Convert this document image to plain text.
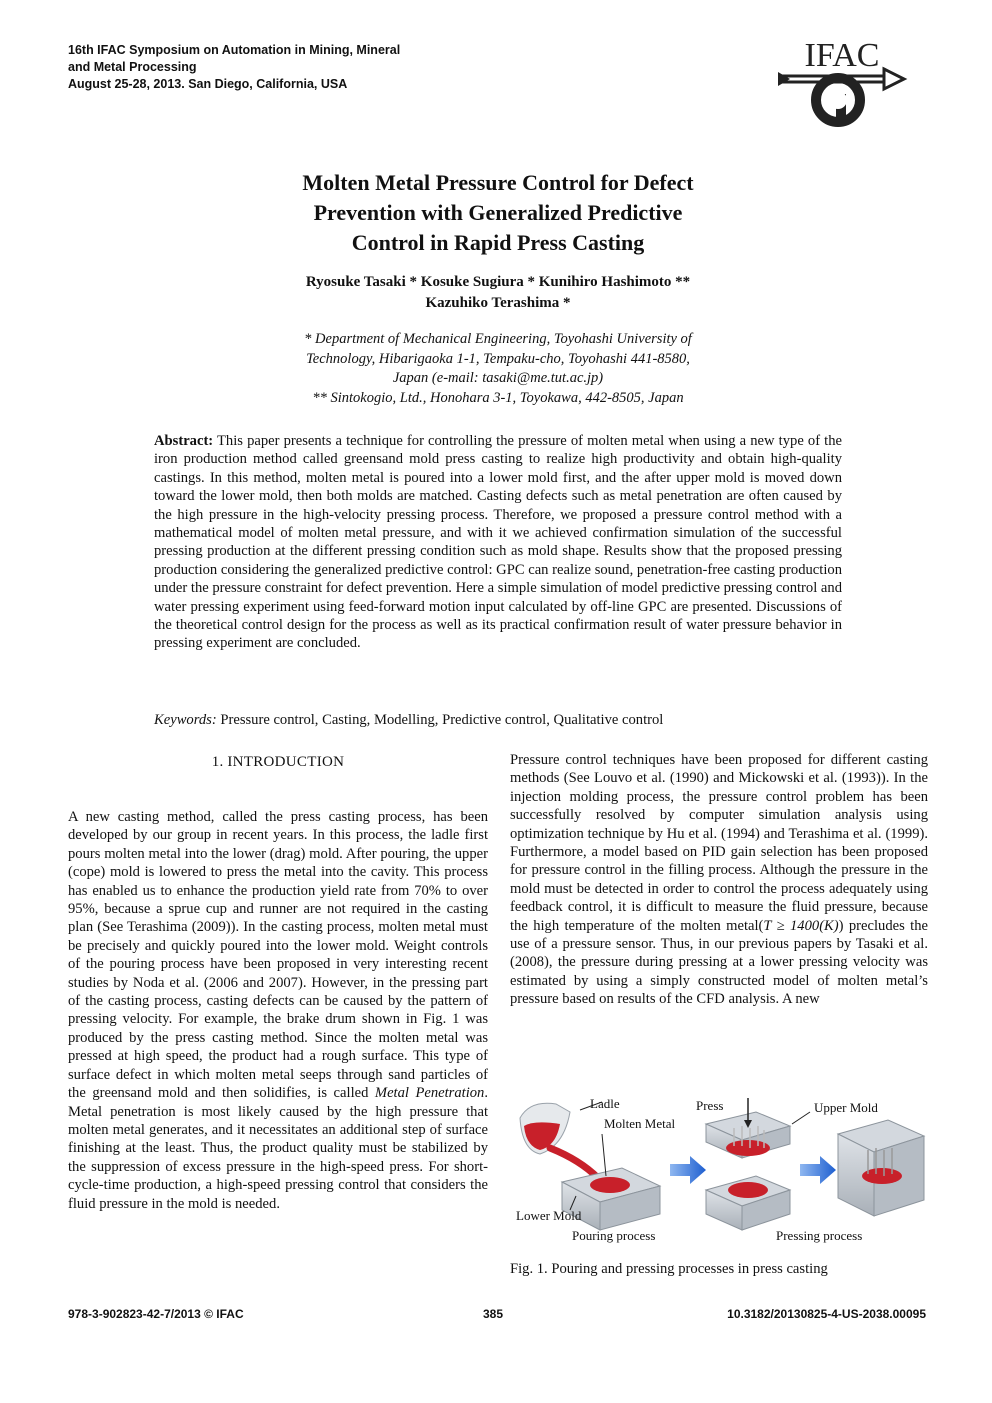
16th IFAC Symposium on Automation in Mining, Mineral
and Metal Processing
August 25-28, 2013. San Diego, California, USA
IFAC
Molten Metal Pressure Control for Defect
Prevention with Generalized Predictive
Control in Rapid Press Casting
Ryosuke Tasaki * Kosuke Sugiura * Kunihiro Hashimoto **
Kazuhiko Terashima *
* Department of Mechanical Engineering, Toyohashi University of
Technology, Hibarigaoka 1-1, Tempaku-cho, Toyohashi 441-8580,
Japan (e-mail: tasaki@me.tut.ac.jp)
** Sintokogio, Ltd., Honohara 3-1, Toyokawa, 442-8505, Japan
Abstract: This paper presents a technique for controlling the pressure of molten metal when using a new type of the iron production method called greensand mold press casting to realize high productivity and obtain high-quality castings. In this method, molten metal is poured into a lower mold first, and the after upper mold is moved down toward the lower mold, then both molds are matched. Casting defects such as metal penetration are often caused by the high pressure in the high-velocity pressing process. Therefore, we proposed a pressure control method with a mathematical model of molten metal pressure, and with it we achieved confirmation simulation of the successful pressing production at the different pressing condition such as mold shape. Results show that the proposed pressing production considering the generalized predictive control: GPC can realize sound, penetration-free casting production under the pressure constraint for defect prevention. Here a simple simulation of model predictive pressing control and water pressing experiment using feed-forward motion input calculated by off-line GPC are presented. Discussions of the theoretical control design for the process as well as its practical confirmation result of water pressure behavior in pressing experiment are concluded.
Keywords: Pressure control, Casting, Modelling, Predictive control, Qualitative control
1. INTRODUCTION
A new casting method, called the press casting process, has been developed by our group in recent years. In this process, the ladle first pours molten metal into the lower (drag) mold. After pouring, the upper (cope) mold is lowered to press the metal into the cavity. This process has enabled us to enhance the production yield rate from 70% to over 95%, because a sprue cup and runner are not required in the casting plan (See Terashima (2009)). In the casting process, molten metal must be precisely and quickly poured into the lower mold. Weight controls of the pouring process have been proposed in very interesting recent studies by Noda et al. (2006 and 2007). However, in the pressing part of the casting process, casting defects can be caused by the pattern of pressing velocity. For example, the brake drum shown in Fig. 1 was produced by the press casting method. Since the molten metal was pressed at high speed, the product had a rough surface. This type of surface defect in which molten metal seeps through sand particles of the greensand mold and then solidifies, is called Metal Penetration. Metal penetration is most likely caused by the high pressure that molten metal generates, and it necessitates an additional step of surface finishing at the least. Thus, the product quality must be stabilized by the suppression of excess pressure in the high-speed press. For short-cycle-time production, a high-speed pressing control that considers the fluid pressure in the mold is needed.
Pressure control techniques have been proposed for different casting methods (See Louvo et al. (1990) and Mickowski et al. (1993)). In the injection molding process, the pressure control problem has been successfully resolved by computer simulation analysis using optimization technique by Hu et al. (1994) and Terashima et al. (1999). Furthermore, a model based on PID gain selection has been proposed for pressure control in the filling process. Although the pressure in the mold must be detected in order to control the process adequately using feedback control, it is difficult to measure the fluid pressure, because the high temperature of the molten metal(T ≥ 1400(K)) precludes the use of a pressure sensor. Thus, in our previous papers by Tasaki et al. (2008), the pressure during pressing at a lower pressing velocity was estimated by using a simply constructed model of molten metal’s pressure based on results of the CFD analysis. A new
Ladle
Molten Metal
Press	Upper Mold
Lower Mold
Pouring process	Pressing process
Fig. 1. Pouring and pressing processes in press casting
978-3-902823-42-7/2013 © IFAC	385	10.3182/20130825-4-US-2038.00095
